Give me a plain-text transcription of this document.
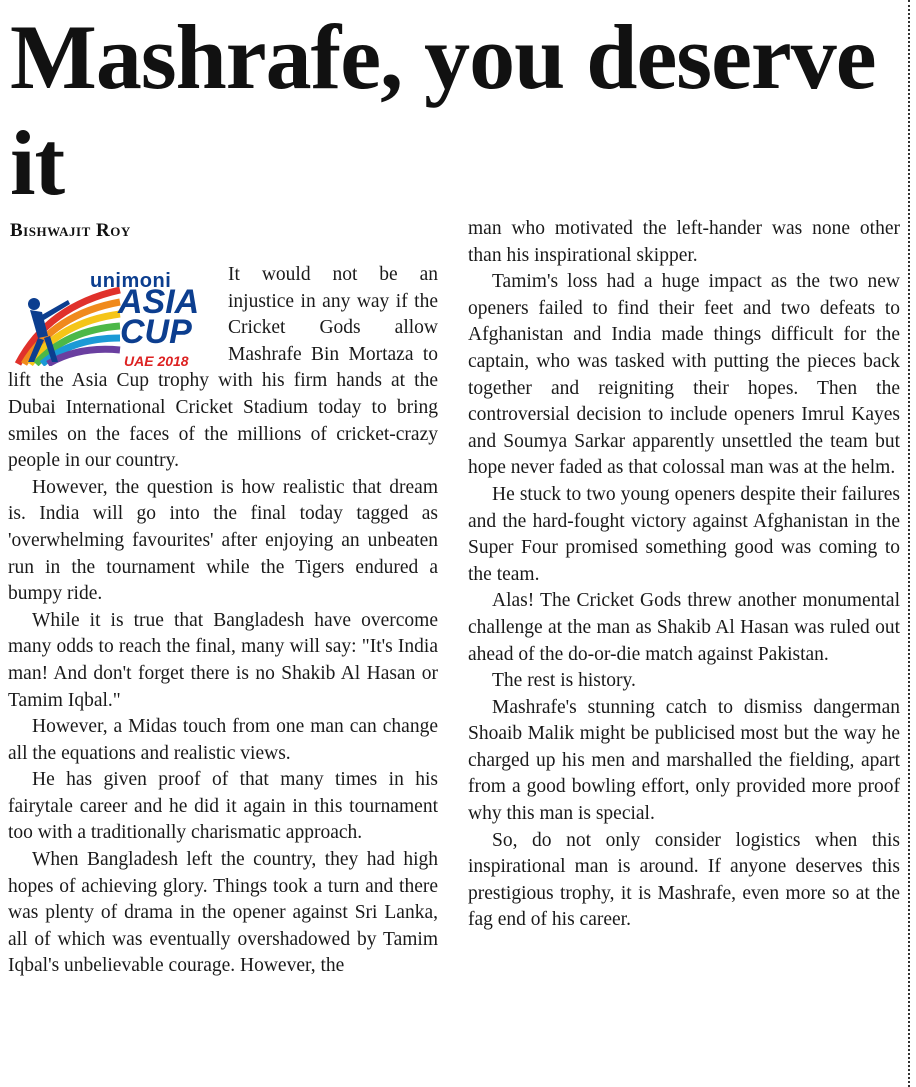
Mashrafe, you deserve it
Bishwajit Roy
unimoni
ASIA
CUP
UAE 2018

It would not be an injustice in any way if the Cricket Gods allow Mashrafe Bin Mortaza to lift the Asia Cup trophy with his firm hands at the Dubai International Cricket Stadium today to bring smiles on the faces of the millions of cricket-crazy people in our country.

However, the question is how realistic that dream is. India will go into the final today tagged as 'overwhelming favourites' after enjoying an unbeaten run in the tournament while the Tigers endured a bumpy ride.

While it is true that Bangladesh have overcome many odds to reach the final, many will say: "It's India man! And don't forget there is no Shakib Al Hasan or Tamim Iqbal."

However, a Midas touch from one man can change all the equations and realistic views.

He has given proof of that many times in his fairytale career and he did it again in this tournament too with a traditionally charismatic approach.

When Bangladesh left the country, they had high hopes of achieving glory. Things took a turn and there was plenty of drama in the opener against Sri Lanka, all of which was eventually overshadowed by Tamim Iqbal's unbelievable courage. However, the

man who motivated the left-hander was none other than his inspirational skipper.

Tamim's loss had a huge impact as the two new openers failed to find their feet and two defeats to Afghanistan and India made things difficult for the captain, who was tasked with putting the pieces back together and reigniting their hopes. Then the controversial decision to include openers Imrul Kayes and Soumya Sarkar apparently unsettled the team but hope never faded as that colossal man was at the helm.

He stuck to two young openers despite their failures and the hard-fought victory against Afghanistan in the Super Four promised something good was coming to the team.

Alas! The Cricket Gods threw another monumental challenge at the man as Shakib Al Hasan was ruled out ahead of the do-or-die match against Pakistan.

The rest is history.

Mashrafe's stunning catch to dismiss dangerman Shoaib Malik might be publicised most but the way he charged up his men and marshalled the fielding, apart from a good bowling effort, only provided more proof why this man is special.

So, do not only consider logistics when this inspirational man is around. If anyone deserves this prestigious trophy, it is Mashrafe, even more so at the fag end of his career.
